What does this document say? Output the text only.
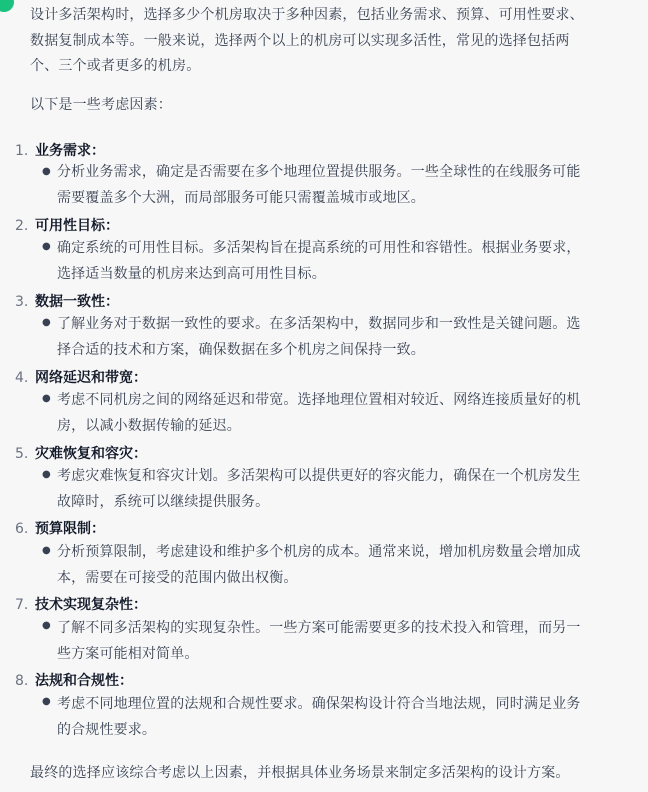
设计多活架构时，选择多少个机房取决于多种因素，包括业务需求、预算、可用性要求、数据复制成本等。一般来说，选择两个以上的机房可以实现多活性，常见的选择包括两个、三个或者更多的机房。

以下是一些考虑因素：

1. 业务需求：
● 分析业务需求，确定是否需要在多个地理位置提供服务。一些全球性的在线服务可能需要覆盖多个大洲，而局部服务可能只需覆盖城市或地区。
2. 可用性目标：
● 确定系统的可用性目标。多活架构旨在提高系统的可用性和容错性。根据业务要求，选择适当数量的机房来达到高可用性目标。
3. 数据一致性：
● 了解业务对于数据一致性的要求。在多活架构中，数据同步和一致性是关键问题。选择合适的技术和方案，确保数据在多个机房之间保持一致。
4. 网络延迟和带宽：
● 考虑不同机房之间的网络延迟和带宽。选择地理位置相对较近、网络连接质量好的机房，以减小数据传输的延迟。
5. 灾难恢复和容灾：
● 考虑灾难恢复和容灾计划。多活架构可以提供更好的容灾能力，确保在一个机房发生故障时，系统可以继续提供服务。
6. 预算限制：
● 分析预算限制，考虑建设和维护多个机房的成本。通常来说，增加机房数量会增加成本，需要在可接受的范围内做出权衡。
7. 技术实现复杂性：
● 了解不同多活架构的实现复杂性。一些方案可能需要更多的技术投入和管理，而另一些方案可能相对简单。
8. 法规和合规性：
● 考虑不同地理位置的法规和合规性要求。确保架构设计符合当地法规，同时满足业务的合规性要求。

最终的选择应该综合考虑以上因素，并根据具体业务场景来制定多活架构的设计方案。
